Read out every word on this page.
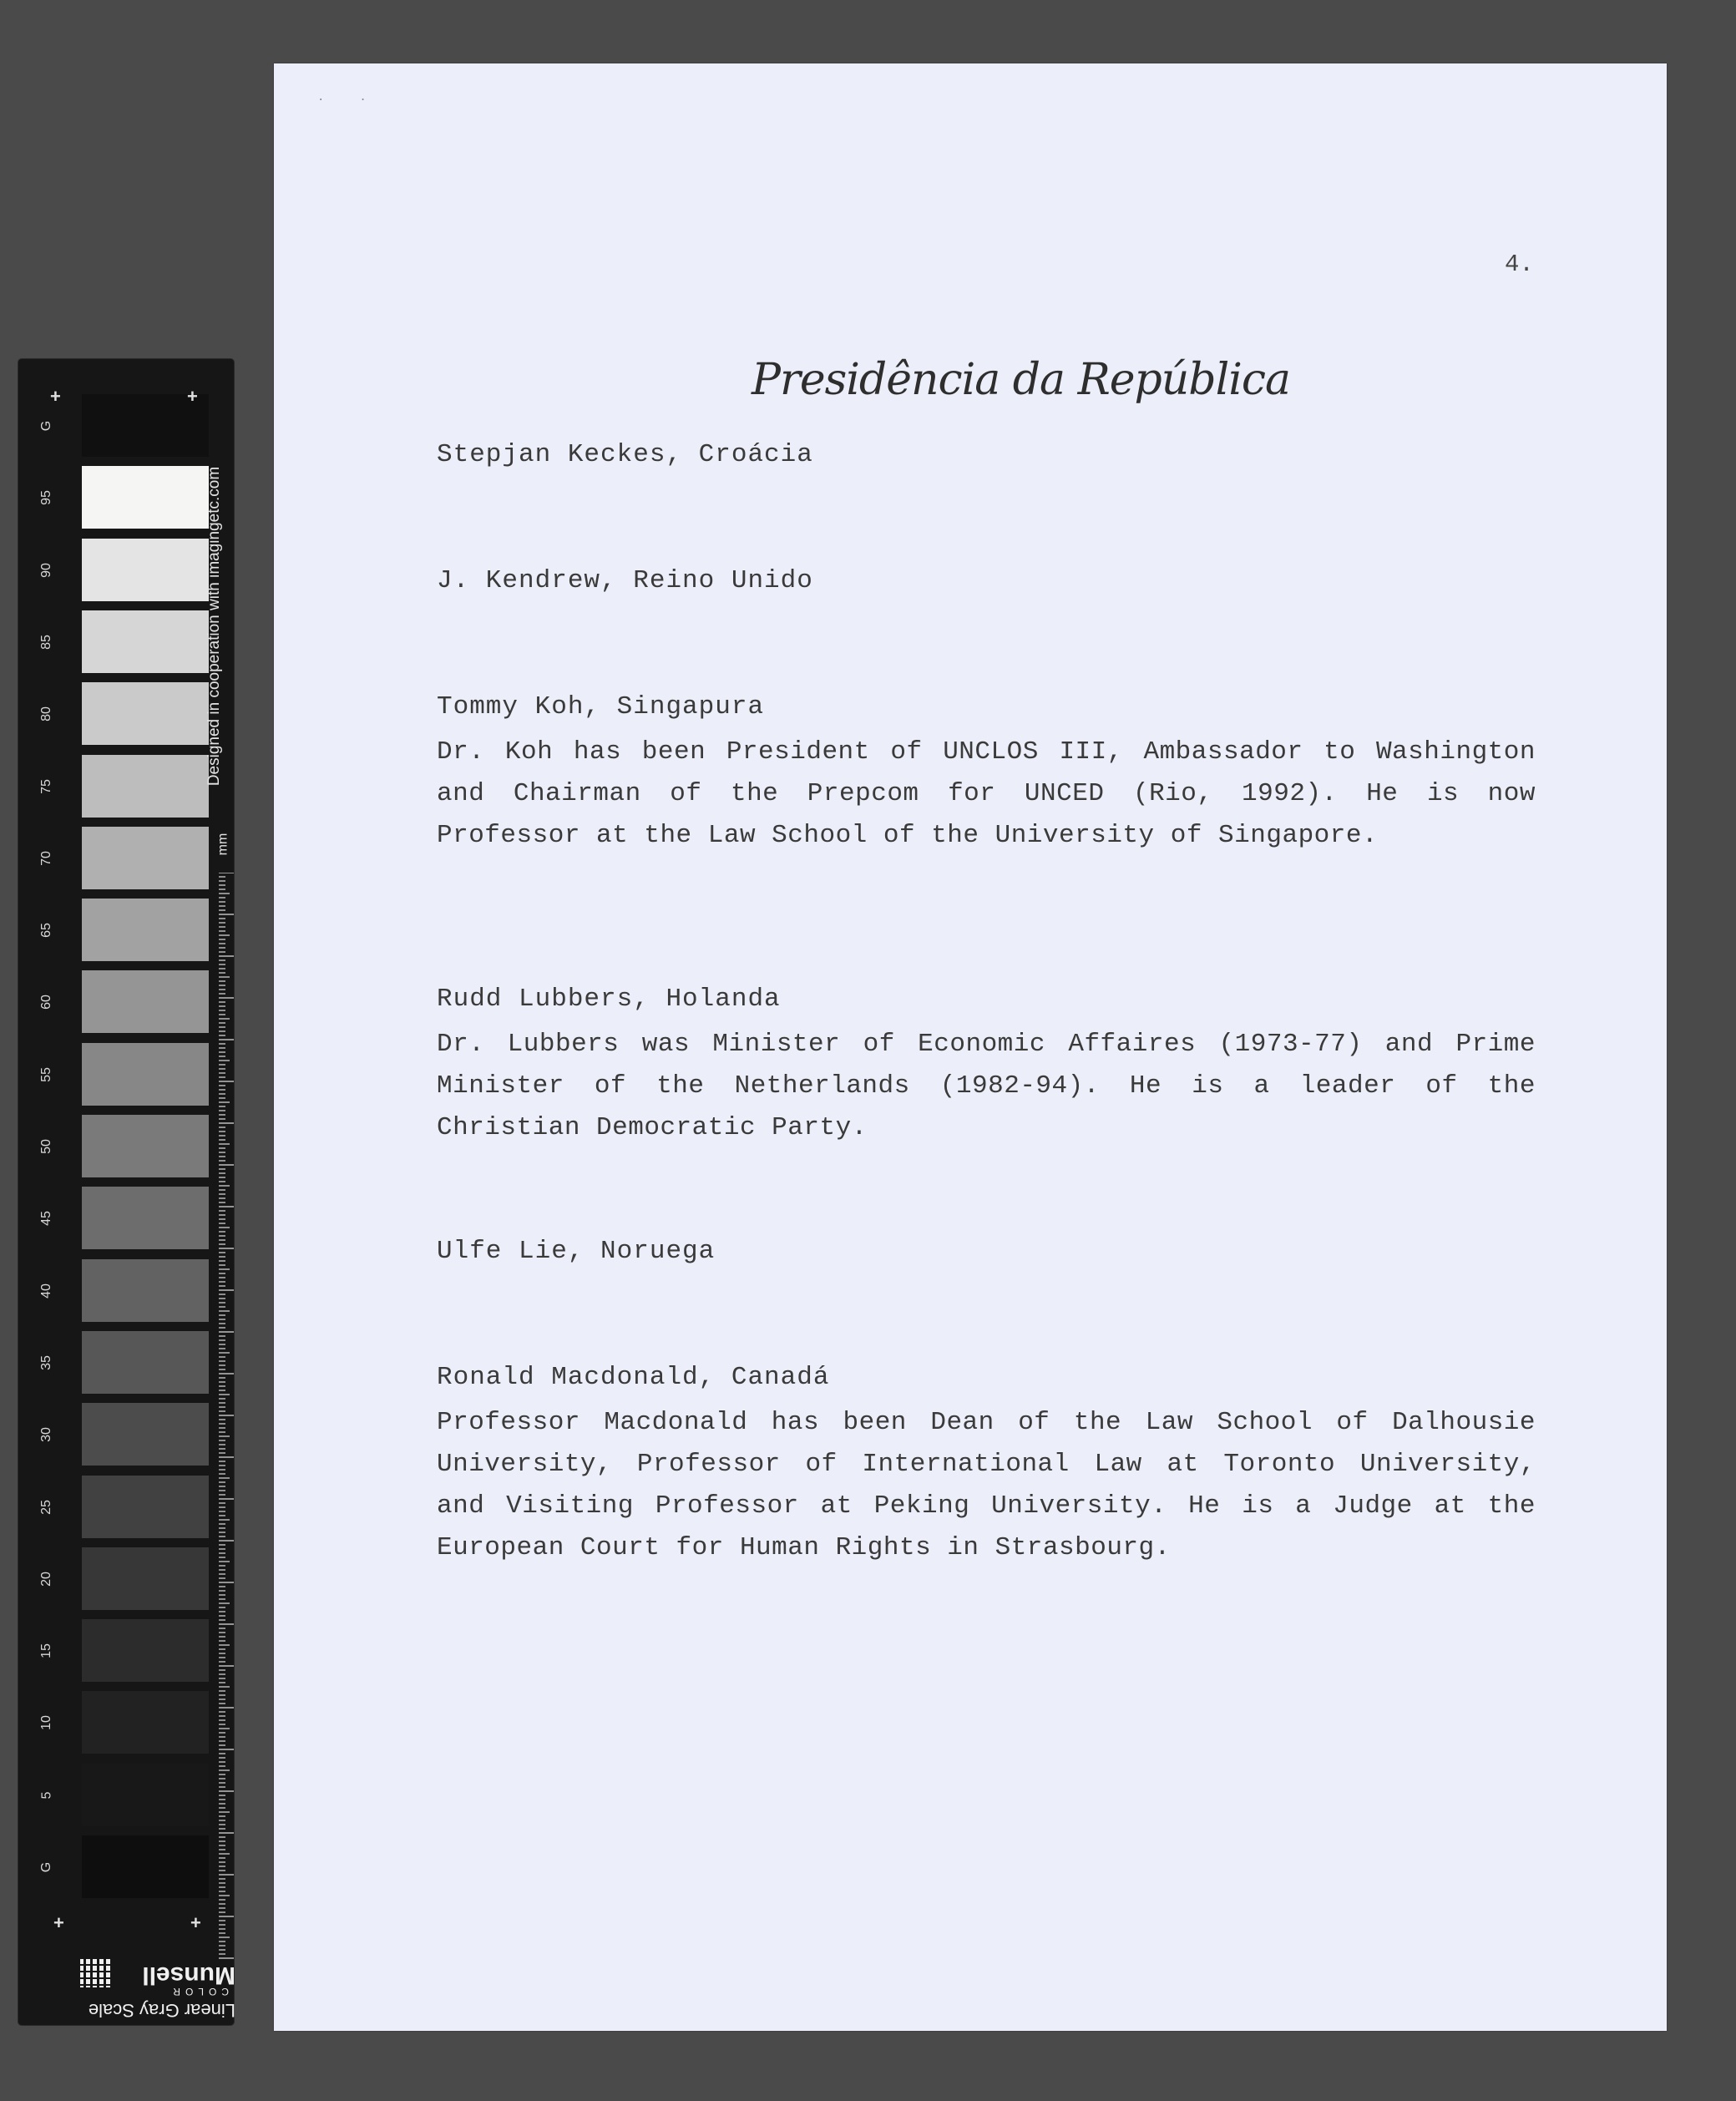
G
95
90
85
80
75
70
65
60
55
50
45
40
35
30
25
20
15
10
5
G
+	+
+	+
Designed in cooperation with imagingetc.com
mm
Linear Gray Scale
COLOR
Munsell
·     ·
4.
Presidência da República
Stepjan Keckes, Croácia
J. Kendrew, Reino Unido
Tommy Koh, Singapura
Dr. Koh has been President of UNCLOS III, Ambassador to Washington and Chairman of the Prepcom for UNCED (Rio, 1992). He is now Professor at the Law School of the University of Singapore.
Rudd Lubbers, Holanda
Dr. Lubbers was Minister of Economic Affaires (1973-77) and Prime Minister of the Netherlands (1982-94). He is a leader of the Christian Democratic Party.
Ulfe Lie, Noruega
Ronald Macdonald, Canadá
Professor Macdonald has been Dean of the Law School of Dalhousie University, Professor of International Law at Toronto University, and Visiting Professor at Peking University. He is a Judge at the European Court for Human Rights in Strasbourg.
